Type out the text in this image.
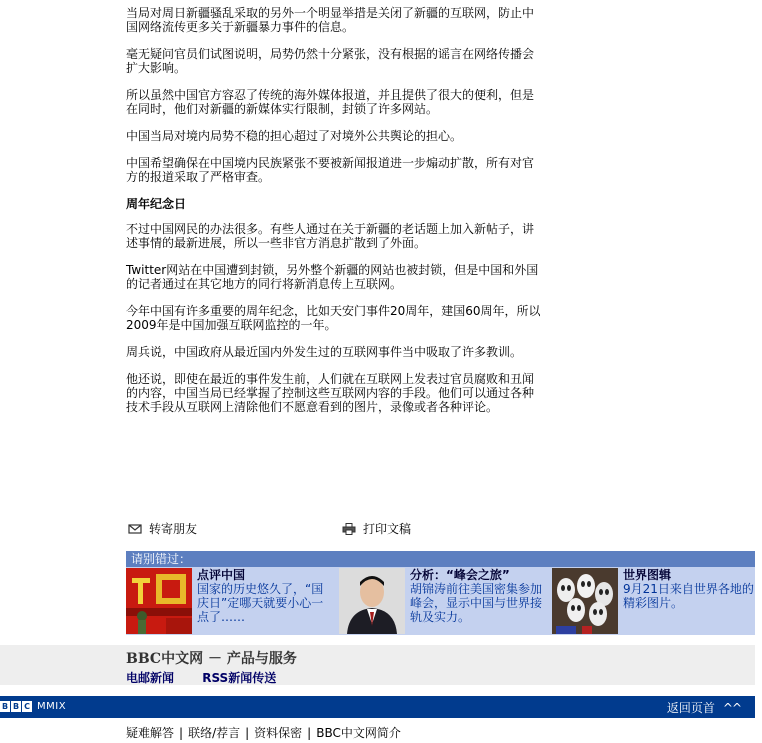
当局对周日新疆骚乱采取的另外一个明显举措是关闭了新疆的互联网，防止中国网络流传更多关于新疆暴力事件的信息。

毫无疑问官员们试图说明，局势仍然十分紧张，没有根据的谣言在网络传播会扩大影响。

所以虽然中国官方容忍了传统的海外媒体报道，并且提供了很大的便利，但是在同时，他们对新疆的新媒体实行限制，封锁了许多网站。

中国当局对境内局势不稳的担心超过了对境外公共舆论的担心。

中国希望确保在中国境内民族紧张不要被新闻报道进一步煽动扩散，所有对官方的报道采取了严格审查。

周年纪念日

不过中国网民的办法很多。有些人通过在关于新疆的老话题上加入新帖子，讲述事情的最新进展，所以一些非官方消息扩散到了外面。

Twitter网站在中国遭到封锁，另外整个新疆的网站也被封锁，但是中国和外国的记者通过在其它地方的同行将新消息传上互联网。

今年中国有许多重要的周年纪念，比如天安门事件20周年，建国60周年，所以2009年是中国加强互联网监控的一年。

周兵说，中国政府从最近国内外发生过的互联网事件当中吸取了许多教训。

他还说，即使在最近的事件发生前，人们就在互联网上发表过官员腐败和丑闻的内容，中国当局已经掌握了控制这些互联网内容的手段。他们可以通过各种技术手段从互联网上清除他们不愿意看到的图片，录像或者各种评论。

转寄朋友	打印文稿
请别错过：
点评中国
国家的历史悠久了，“国庆日”定哪天就要小心一点了……
分析：“峰会之旅”
胡锦涛前往美国密集参加峰会，显示中国与世界接轨及实力。
世界图辑
9月21日来自世界各地的精彩图片。
BBC中文网 － 产品与服务
电邮新闻 RSS新闻传送
B B C MMIX	返回页首 ^^
疑难解答 | 联络/荐言 | 资料保密 | BBC中文网简介
